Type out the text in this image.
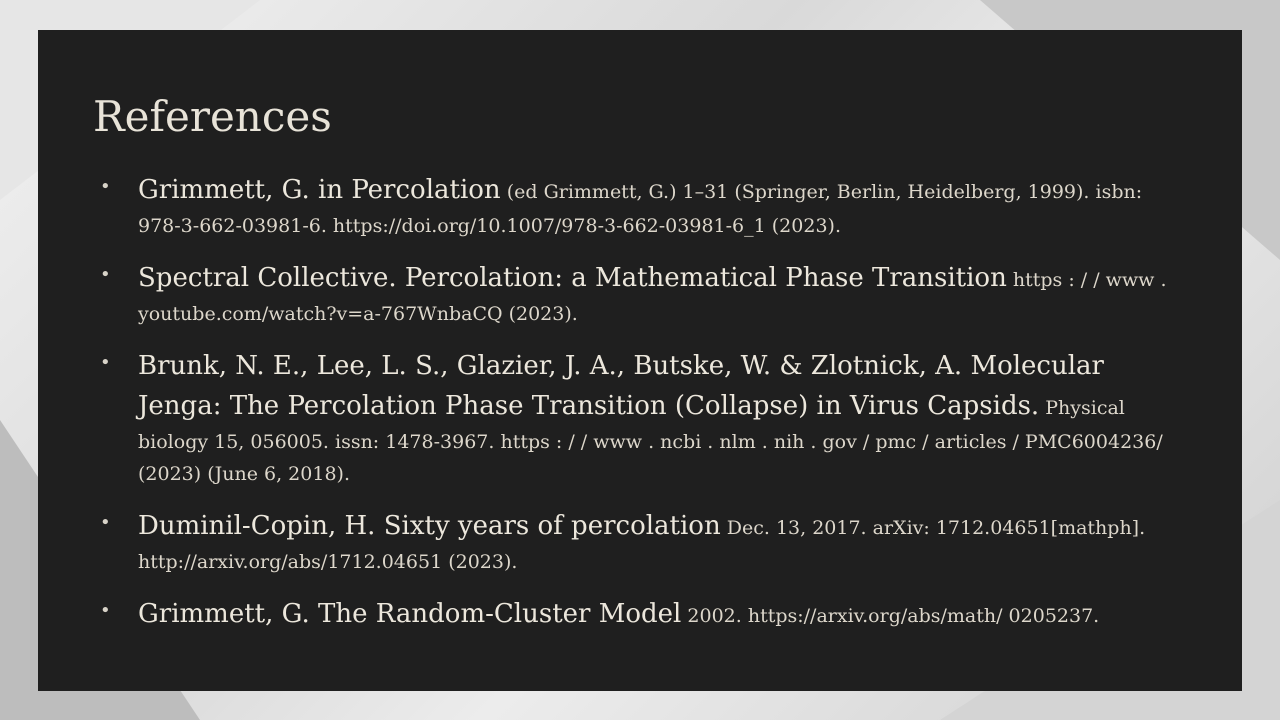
References
• Grimmett, G. in Percolation (ed Grimmett, G.) 1–31 (Springer, Berlin, Heidelberg, 1999). isbn: 978-3-662-03981-6. https://doi.org/10.1007/978-3-662-03981-6_1 (2023).
• Spectral Collective. Percolation: a Mathematical Phase Transition https : / / www . youtube.com/watch?v=a-767WnbaCQ (2023).
• Brunk, N. E., Lee, L. S., Glazier, J. A., Butske, W. & Zlotnick, A. Molecular Jenga: The Percolation Phase Transition (Collapse) in Virus Capsids. Physical biology 15, 056005. issn: 1478-3967. https : / / www . ncbi . nlm . nih . gov / pmc / articles / PMC6004236/ (2023) (June 6, 2018).
• Duminil-Copin, H. Sixty years of percolation Dec. 13, 2017. arXiv: 1712.04651[mathph]. http://arxiv.org/abs/1712.04651 (2023).
• Grimmett, G. The Random-Cluster Model 2002. https://arxiv.org/abs/math/ 0205237.
